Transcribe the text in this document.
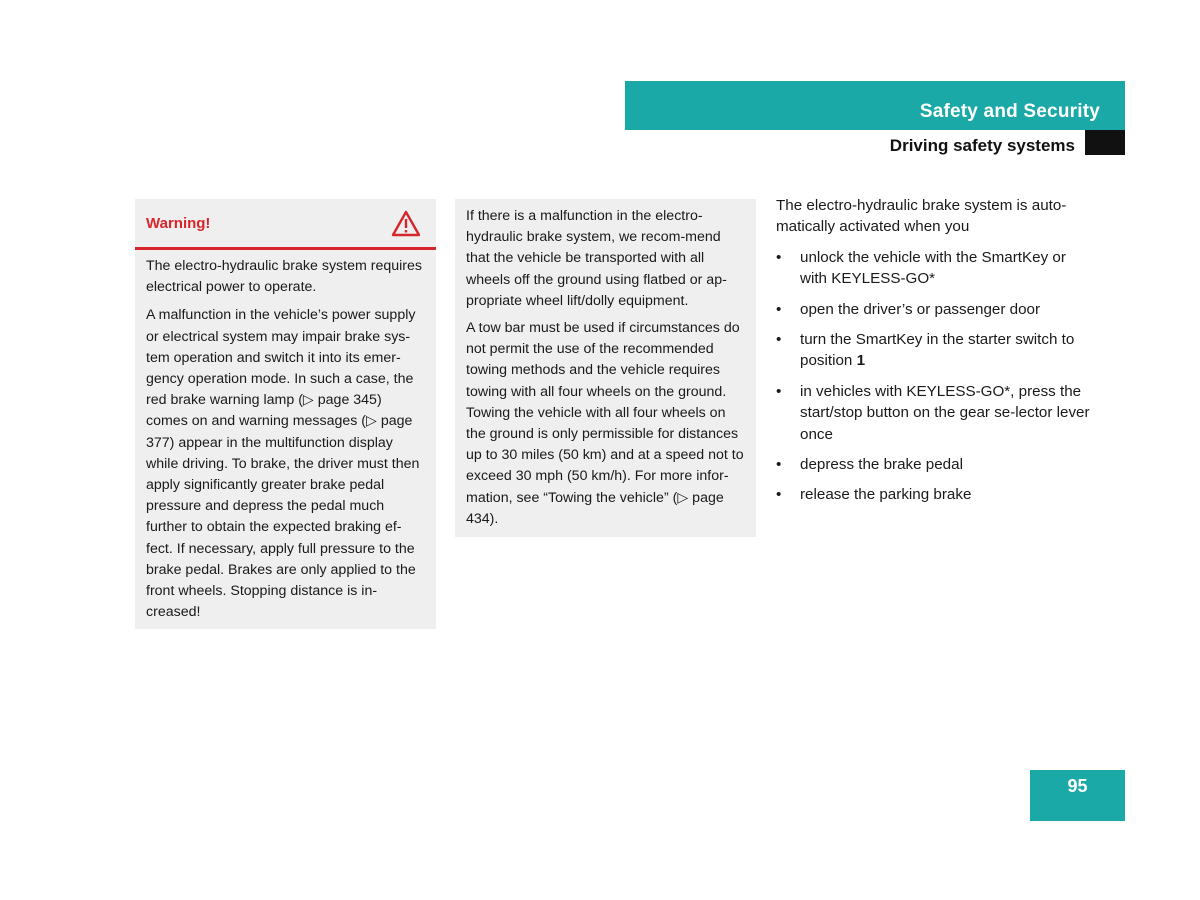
Safety and Security
Driving safety systems
Warning!

The electro-hydraulic brake system requires electrical power to operate.

A malfunction in the vehicle’s power supply or electrical system may impair brake sys-tem operation and switch it into its emer-gency operation mode. In such a case, the red brake warning lamp (▷ page 345) comes on and warning messages (▷ page 377) appear in the multifunction display while driving. To brake, the driver must then apply significantly greater brake pedal pressure and depress the pedal much further to obtain the expected braking ef-fect. If necessary, apply full pressure to the brake pedal. Brakes are only applied to the front wheels. Stopping distance is in-creased!

If there is a malfunction in the electro-hydraulic brake system, we recom-mend that the vehicle be transported with all wheels off the ground using flatbed or ap-propriate wheel lift/dolly equipment.

A tow bar must be used if circumstances do not permit the use of the recommended towing methods and the vehicle requires towing with all four wheels on the ground. Towing the vehicle with all four wheels on the ground is only permissible for distances up to 30 miles (50 km) and at a speed not to exceed 30 mph (50 km/h). For more infor-mation, see “Towing the vehicle” (▷ page 434).

The electro-hydraulic brake system is auto-matically activated when you

• unlock the vehicle with the SmartKey or with KEYLESS-GO*
• open the driver’s or passenger door
• turn the SmartKey in the starter switch to position 1
• in vehicles with KEYLESS-GO*, press the start/stop button on the gear se-lector lever once
• depress the brake pedal
• release the parking brake

95
